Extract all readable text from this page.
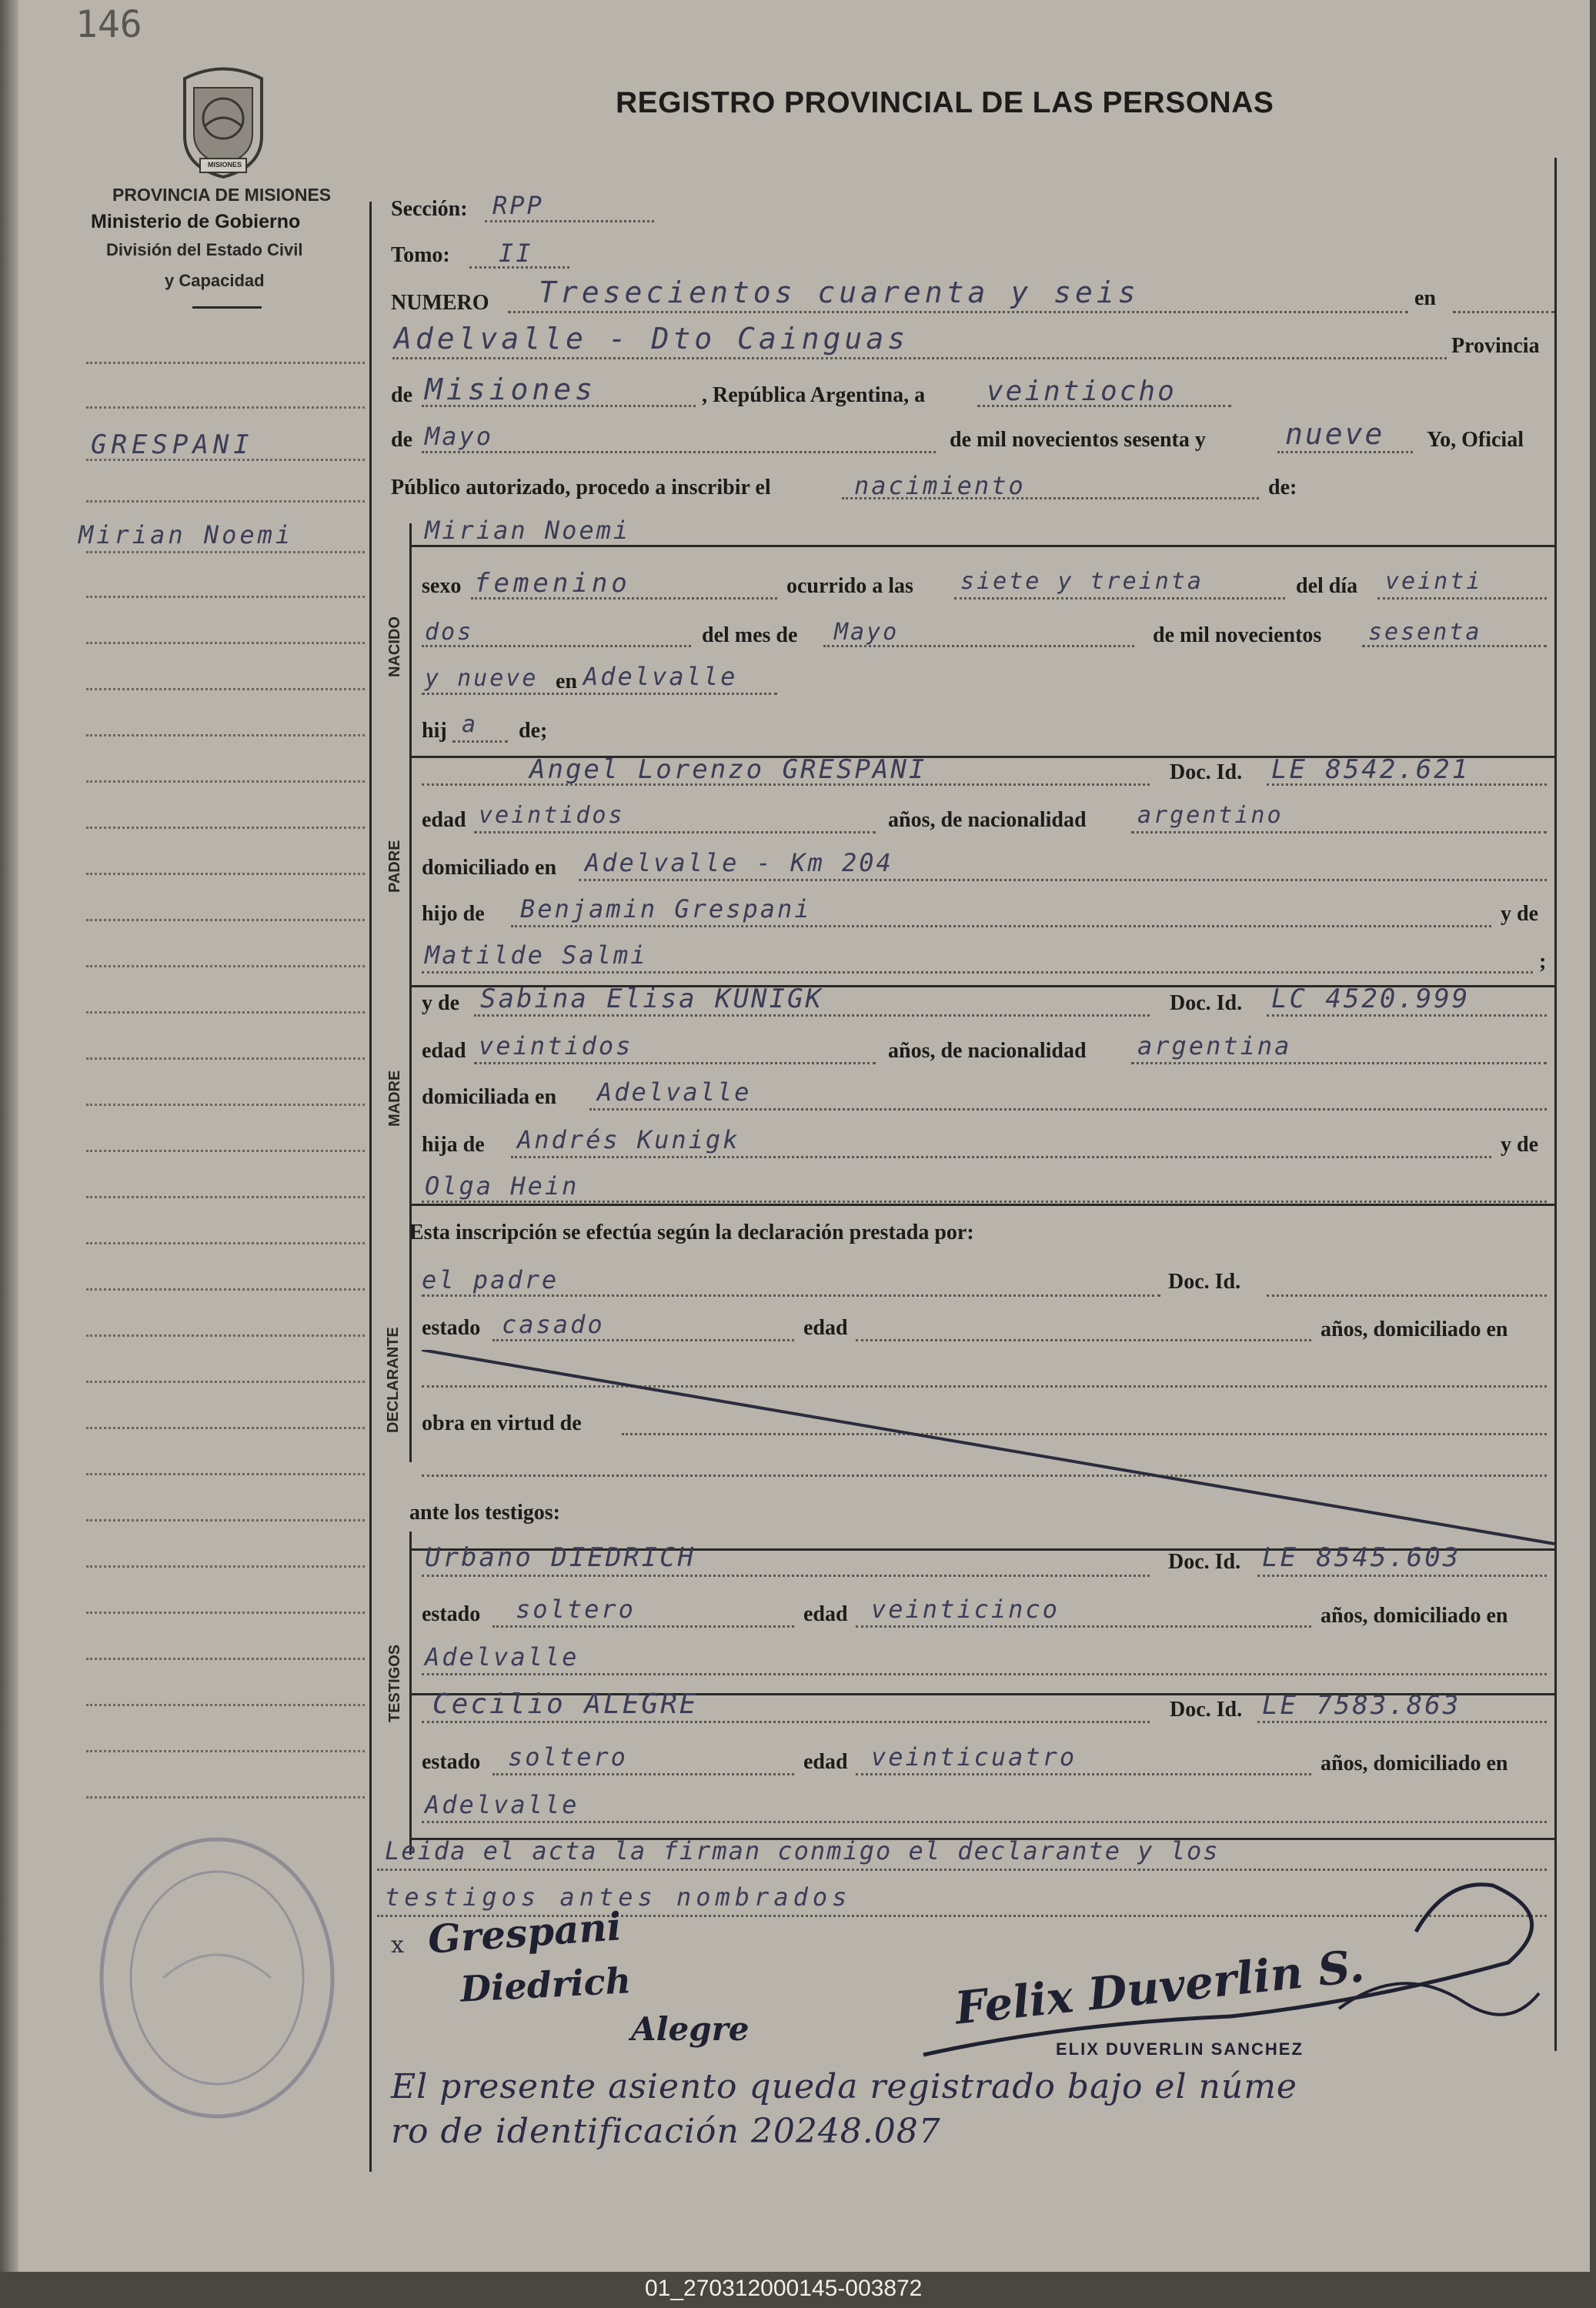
146
REGISTRO PROVINCIAL DE LAS PERSONAS
MISIONES
PROVINCIA DE MISIONES
Ministerio de Gobierno
División del Estado Civil
y Capacidad
GRESPANI
Mirian Noemi
NACIDO
PADRE
MADRE
DECLARANTE
TESTIGOS
Sección: RPP
Tomo: II
NUMERO Tresecientos cuarenta y seis	en
Adelvalle - Dto Cainguas	Provincia
de Misiones	, República Argentina, a veintiocho
de Mayo	de mil novecientos sesenta y	nueve Yo, Oficial
Público autorizado, procedo a inscribir el	nacimiento	de:
Mirian Noemi
sexo femenino	ocurrido a las siete y treinta	del día veinti
dos	del mes de Mayo	de mil novecientos sesenta
y nueve en Adelvalle
hij a de;
Angel Lorenzo GRESPANI	Doc. Id. LE 8542.621
edad veintidos	años, de nacionalidad argentino
domiciliado en Adelvalle - Km 204
hijo de Benjamin Grespani	y de
Matilde Salmi	;
y de Sabina Elisa KUNIGK	Doc. Id. LC 4520.999
edad veintidos	años, de nacionalidad argentina
domiciliada en Adelvalle
hija de Andrés Kunigk	y de
Olga Hein
Esta inscripción se efectúa según la declaración prestada por:
el padre	Doc. Id.
estado casado	edad	años, domiciliado en
obra en virtud de
ante los testigos:
Urbano DIEDRICH	Doc. Id. LE 8545.603
estado soltero	edad veinticinco	años, domiciliado en
Adelvalle
Cecilio ALEGRE	Doc. Id. LE 7583.863
estado soltero	edad veinticuatro	años, domiciliado en
Adelvalle
Leida el acta la firman conmigo el declarante y los
testigos antes nombrados
x Grespani
Diedrich
Alegre	Felix Duverlin S.
ELIX DUVERLIN SANCHEZ
El presente asiento queda registrado bajo el núme
ro de identificación 20248.087
01_270312000145-003872
